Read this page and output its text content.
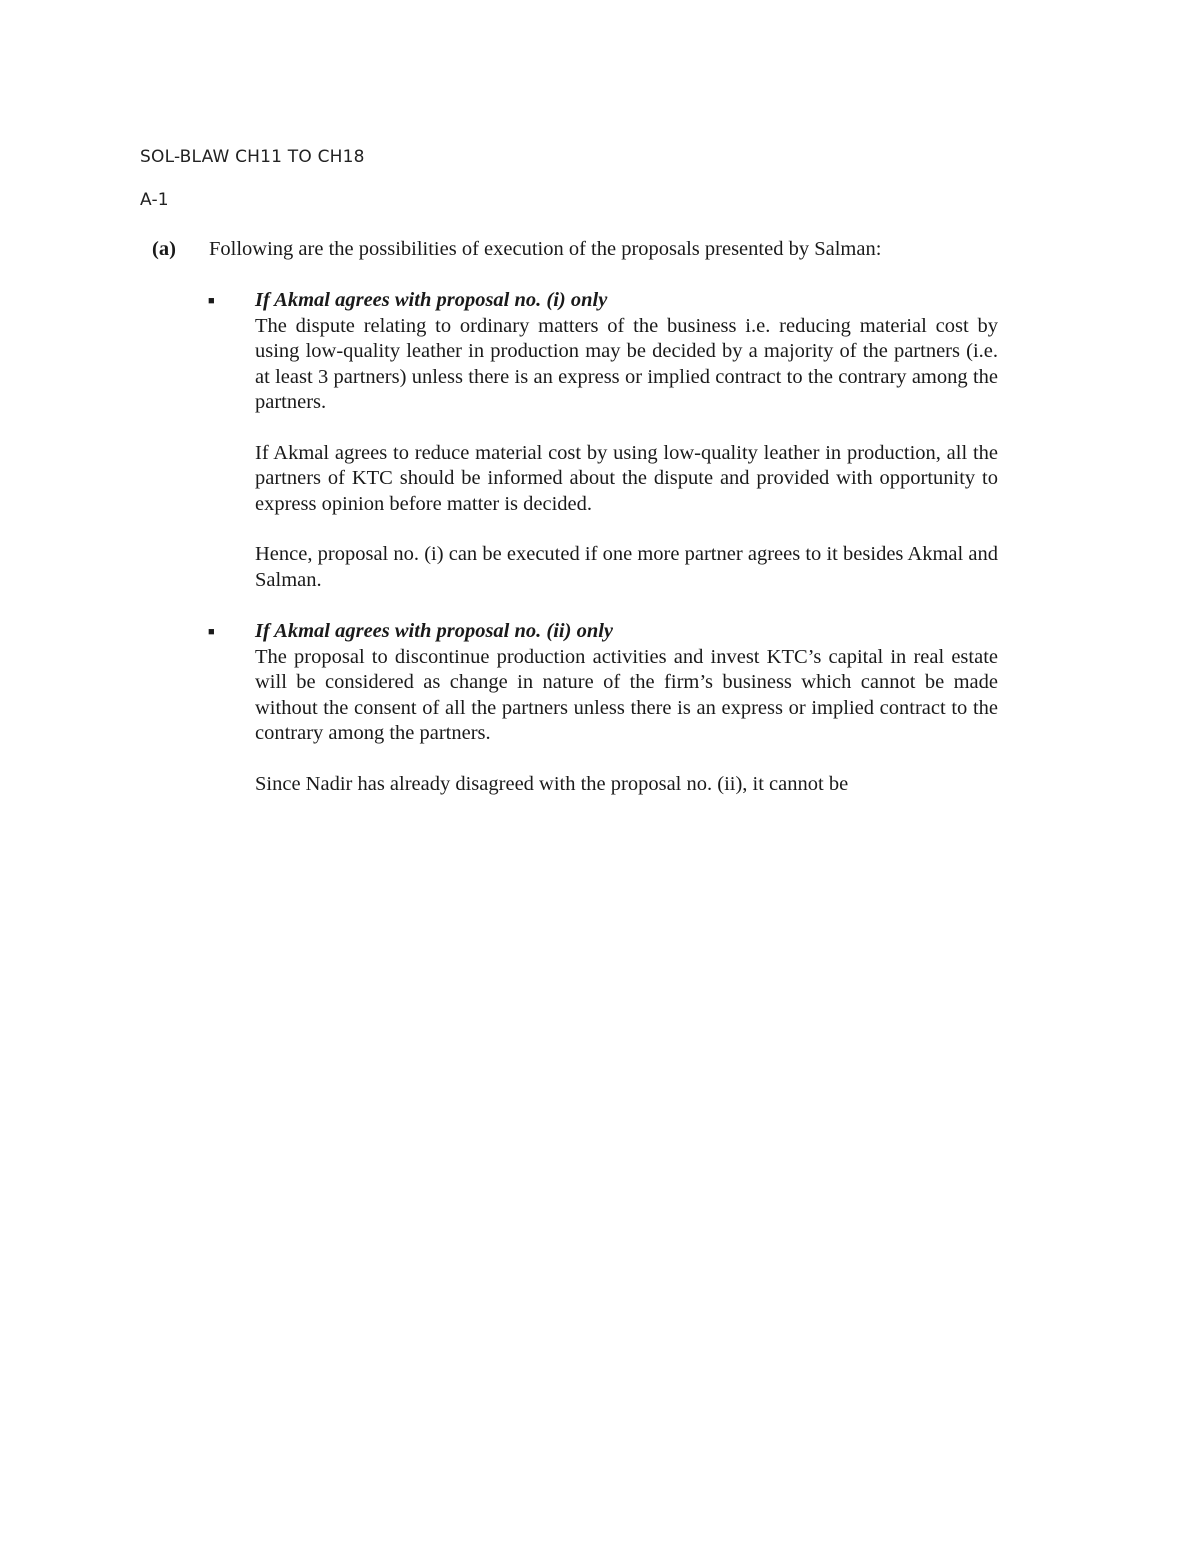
SOL-BLAW CH11 TO CH18
A-1
(a)	Following are the possibilities of execution of the proposals presented by Salman:
■	If Akmal agrees with proposal no. (i) only

The dispute relating to ordinary matters of the business i.e. reducing material cost by using low-quality leather in production may be decided by a majority of the partners (i.e. at least 3 partners) unless there is an express or implied contract to the contrary among the partners.

If Akmal agrees to reduce material cost by using low-quality leather in production, all the partners of KTC should be informed about the dispute and provided with opportunity to express opinion before matter is decided.

Hence, proposal no. (i) can be executed if one more partner agrees to it besides Akmal and Salman.

■	If Akmal agrees with proposal no. (ii) only

The proposal to discontinue production activities and invest KTC’s capital in real estate will be considered as change in nature of the firm’s business which cannot be made without the consent of all the partners unless there is an express or implied contract to the contrary among the partners.

Since Nadir has already disagreed with the proposal no. (ii), it cannot be
